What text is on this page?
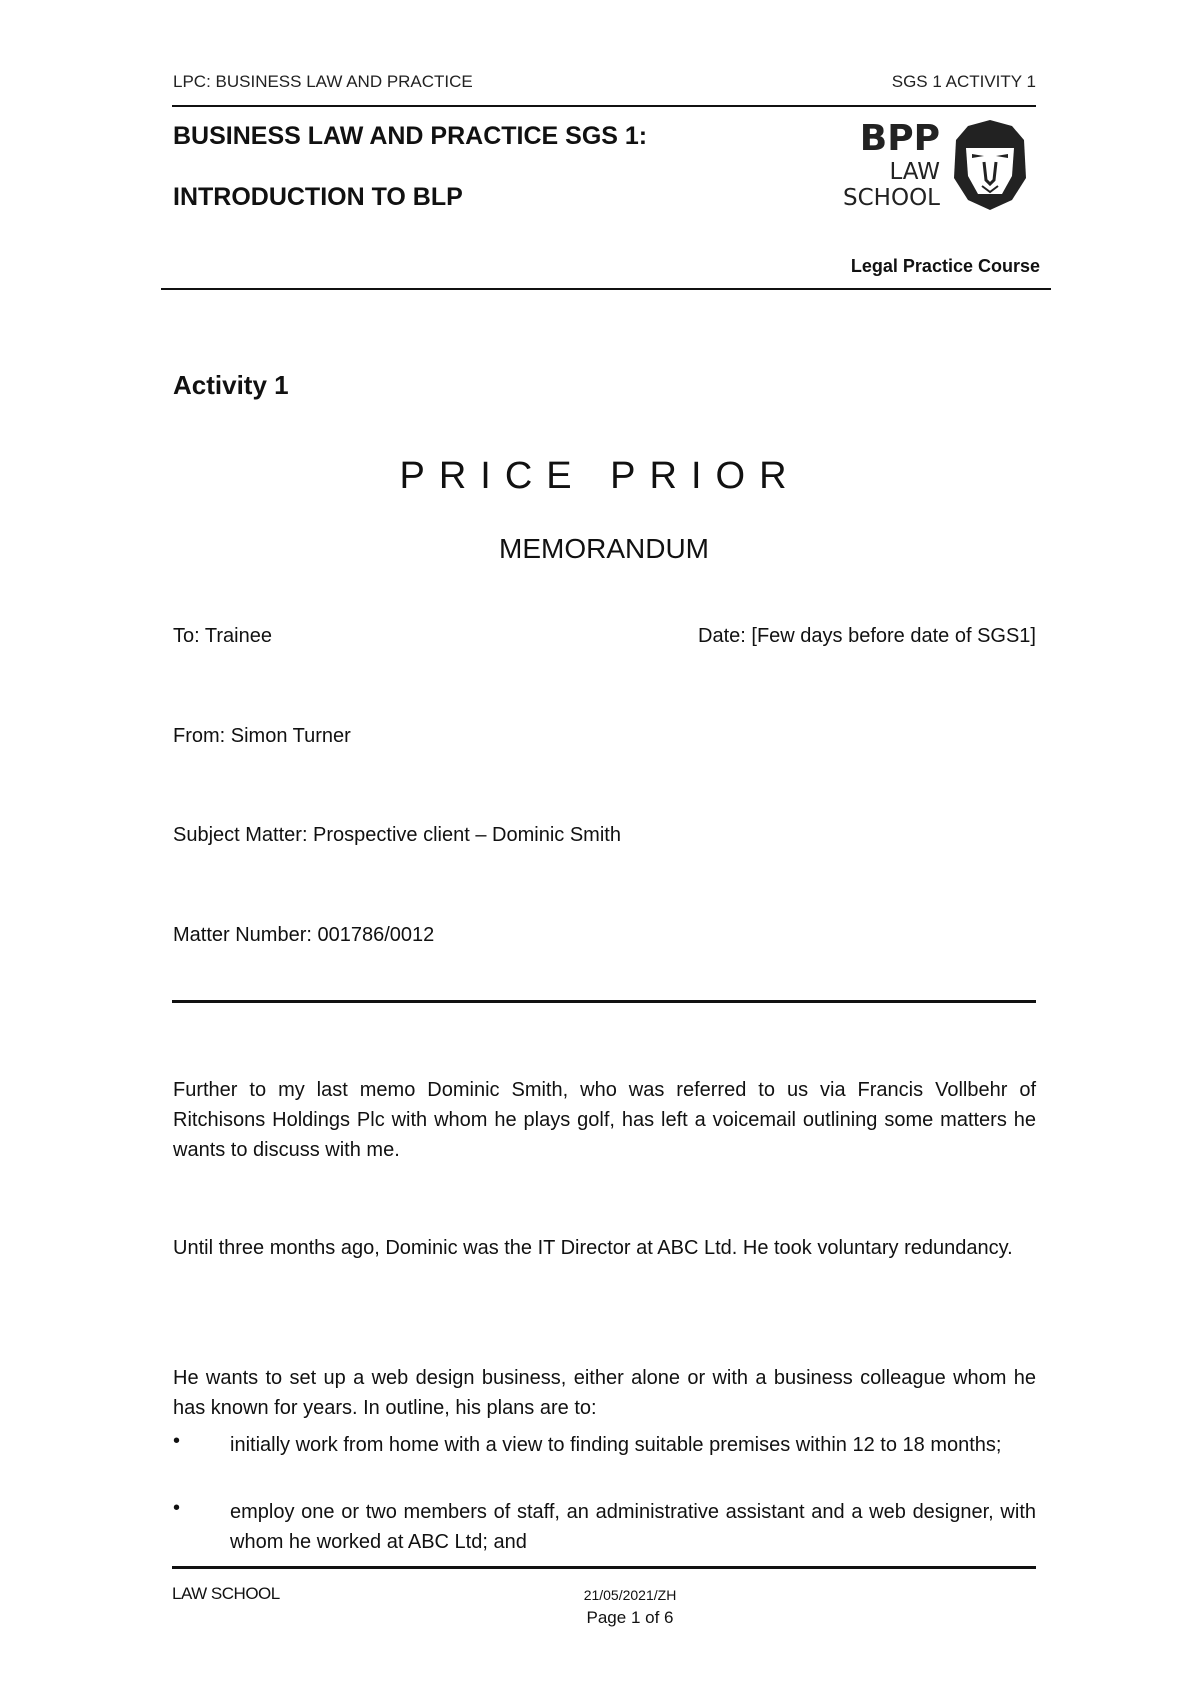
LPC: BUSINESS LAW AND PRACTICE	SGS 1 ACTIVITY 1
BUSINESS LAW AND PRACTICE SGS 1:
INTRODUCTION TO BLP
BPP
LAW
SCHOOL
Legal Practice Course
Activity 1
PRICE PRIOR
MEMORANDUM
To: Trainee	Date: [Few days before date of SGS1]
From: Simon Turner
Subject Matter: Prospective client – Dominic Smith
Matter Number: 001786/0012
Further to my last memo Dominic Smith, who was referred to us via Francis Vollbehr of Ritchisons Holdings Plc with whom he plays golf, has left a voicemail outlining some matters he wants to discuss with me.
Until three months ago, Dominic was the IT Director at ABC Ltd. He took voluntary redundancy.
He wants to set up a web design business, either alone or with a business colleague whom he has known for years. In outline, his plans are to:
• initially work from home with a view to finding suitable premises within 12 to 18 months;
• employ one or two members of staff, an administrative assistant and a web designer, with whom he worked at ABC Ltd; and
LAW SCHOOL	21/05/2021/ZH
Page 1 of 6
